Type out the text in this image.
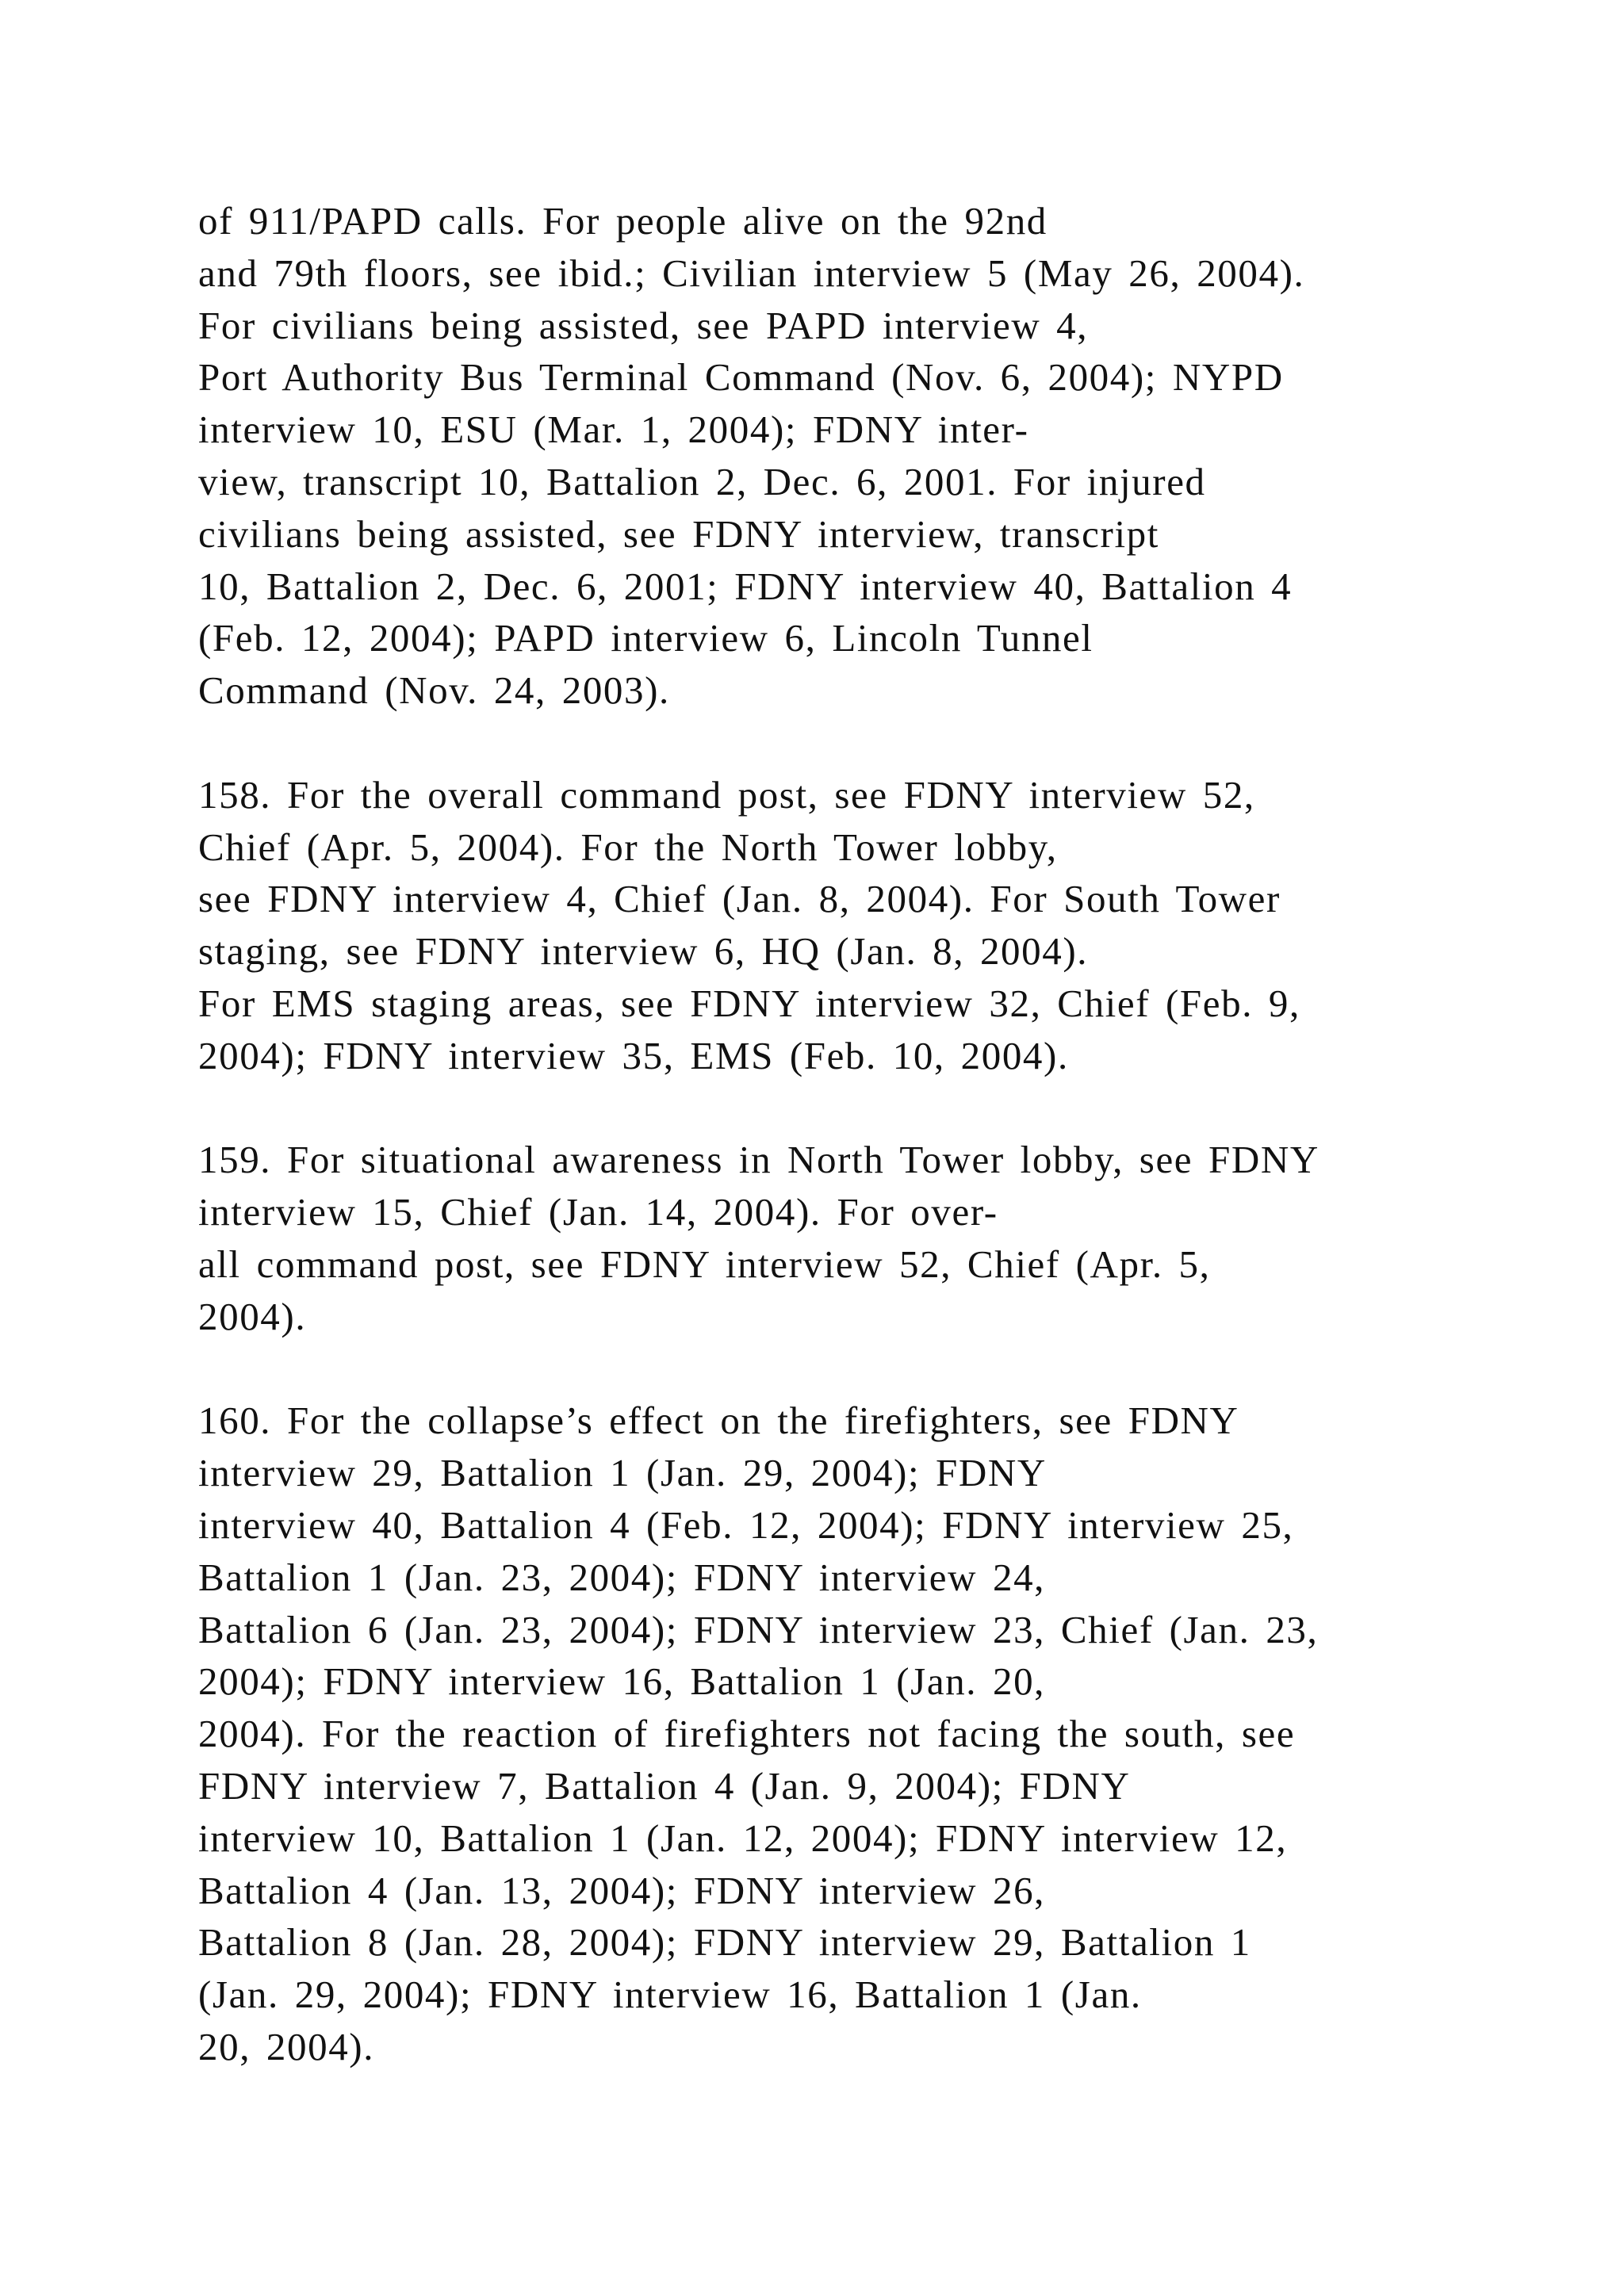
of 911/PAPD calls. For people alive on the 92nd
and 79th floors, see ibid.; Civilian interview 5 (May 26, 2004).
For civilians being assisted, see PAPD interview 4,
Port Authority Bus Terminal Command (Nov. 6, 2004); NYPD
interview 10, ESU (Mar. 1, 2004); FDNY inter-
view, transcript 10, Battalion 2, Dec. 6, 2001. For injured
civilians being assisted, see FDNY interview, transcript
10, Battalion 2, Dec. 6, 2001; FDNY interview 40, Battalion 4
(Feb. 12, 2004); PAPD interview 6, Lincoln Tunnel
Command (Nov. 24, 2003).

158. For the overall command post, see FDNY interview 52,
Chief (Apr. 5, 2004). For the North Tower lobby,
see FDNY interview 4, Chief (Jan. 8, 2004). For South Tower
staging, see FDNY interview 6, HQ (Jan. 8, 2004).
For EMS staging areas, see FDNY interview 32, Chief (Feb. 9,
2004); FDNY interview 35, EMS (Feb. 10, 2004).

159. For situational awareness in North Tower lobby, see FDNY
interview 15, Chief (Jan. 14, 2004). For over-
all command post, see FDNY interview 52, Chief (Apr. 5,
2004).

160. For the collapse’s effect on the firefighters, see FDNY
interview 29, Battalion 1 (Jan. 29, 2004); FDNY
interview 40, Battalion 4 (Feb. 12, 2004); FDNY interview 25,
Battalion 1 (Jan. 23, 2004); FDNY interview 24,
Battalion 6 (Jan. 23, 2004); FDNY interview 23, Chief (Jan. 23,
2004); FDNY interview 16, Battalion 1 (Jan. 20,
2004). For the reaction of firefighters not facing the south, see
FDNY interview 7, Battalion 4 (Jan. 9, 2004); FDNY
interview 10, Battalion 1 (Jan. 12, 2004); FDNY interview 12,
Battalion 4 (Jan. 13, 2004); FDNY interview 26,
Battalion 8 (Jan. 28, 2004); FDNY interview 29, Battalion 1
(Jan. 29, 2004); FDNY interview 16, Battalion 1 (Jan.
20, 2004).
